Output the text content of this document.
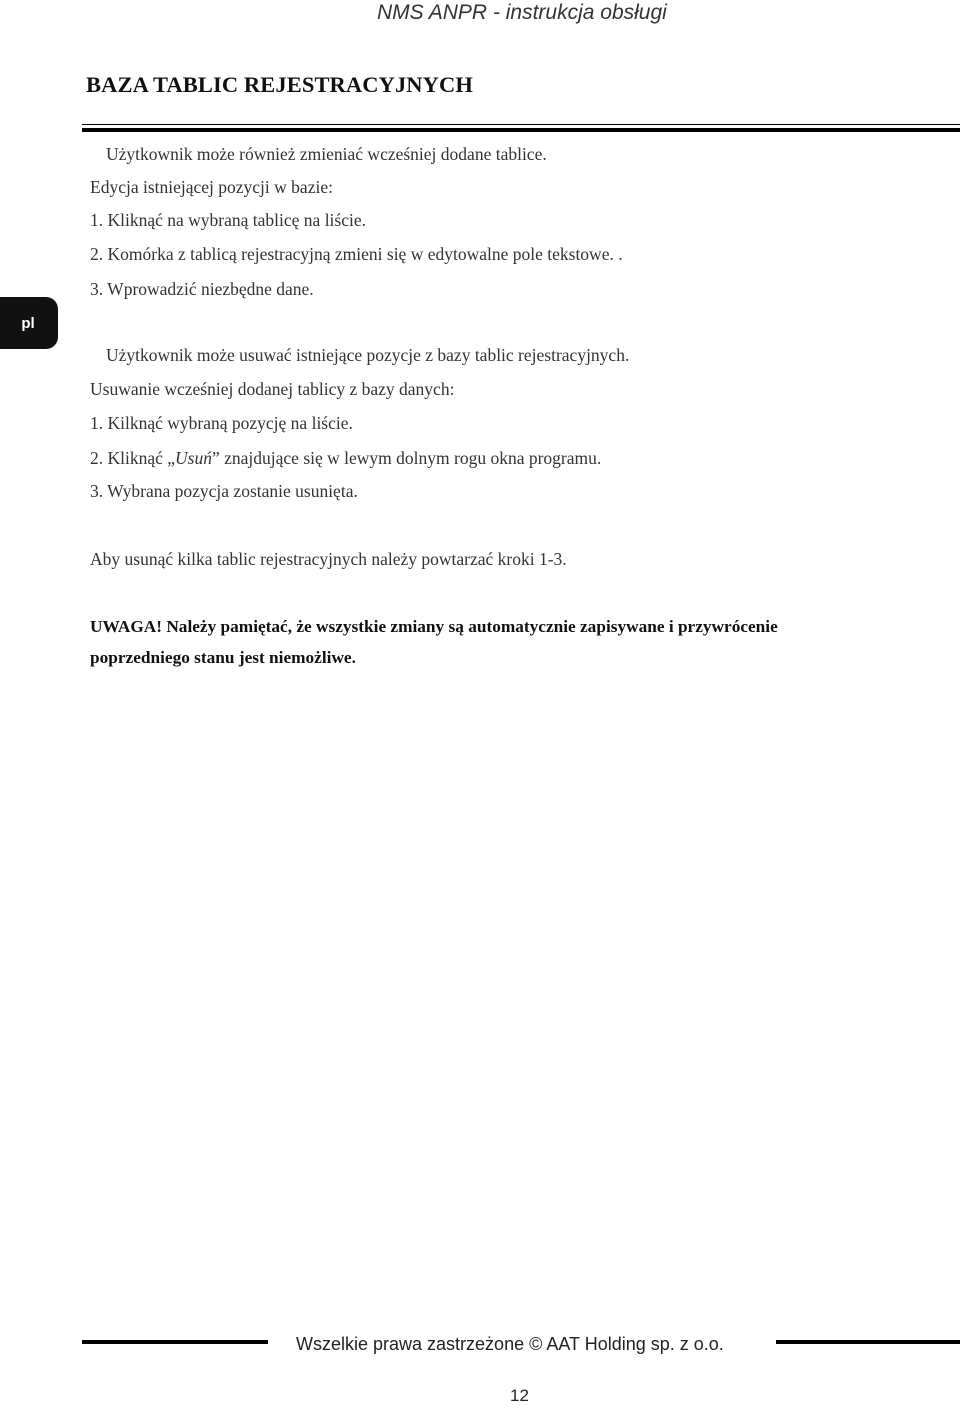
NMS ANPR - instrukcja obsługi
pl
BAZA TABLIC REJESTRACYJNYCH
Użytkownik może również zmieniać wcześniej dodane tablice.
Edycja istniejącej pozycji w bazie:
1. Kliknąć na wybraną tablicę na liście.
2. Komórka z tablicą rejestracyjną zmieni się w edytowalne pole tekstowe. .
3. Wprowadzić niezbędne dane.
Użytkownik może usuwać istniejące pozycje z bazy tablic rejestracyjnych.
Usuwanie wcześniej dodanej tablicy z bazy danych:
1. Kilknąć wybraną pozycję na liście.
2. Kliknąć „Usuń” znajdujące się w lewym dolnym rogu okna programu.
3. Wybrana pozycja zostanie usunięta.
Aby usunąć kilka tablic rejestracyjnych należy powtarzać kroki 1-3.
UWAGA! Należy pamiętać, że wszystkie zmiany są automatycznie zapisywane i przywrócenie
poprzedniego stanu jest niemożliwe.
Wszelkie prawa zastrzeżone © AAT Holding sp. z o.o.
12
